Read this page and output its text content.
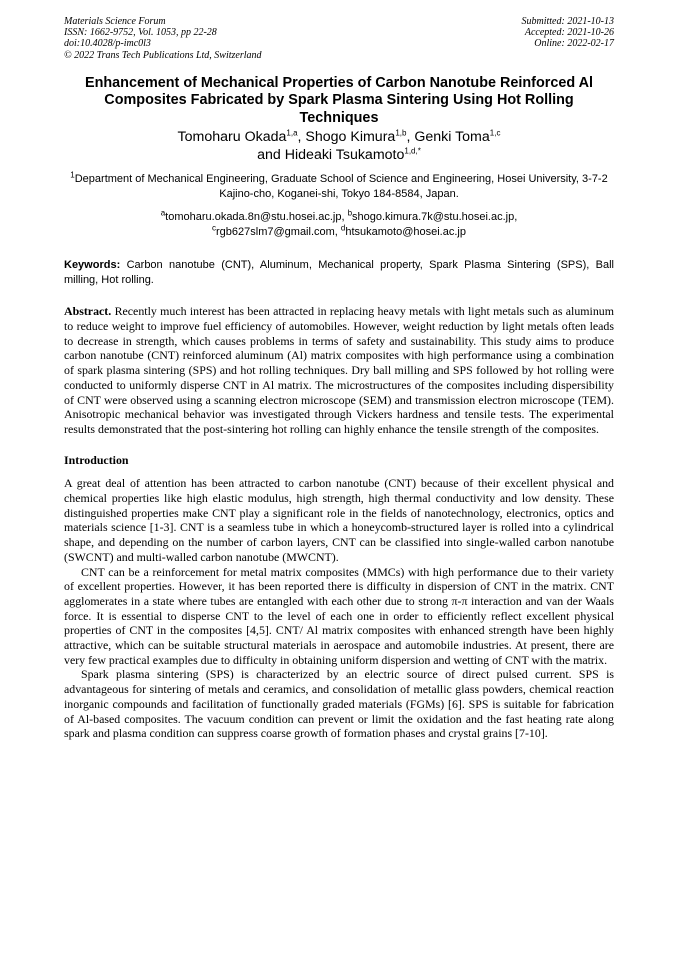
Materials Science Forum
ISSN: 1662-9752, Vol. 1053, pp 22-28
doi:10.4028/p-imc0l3
© 2022 Trans Tech Publications Ltd, Switzerland
Submitted: 2021-10-13
Accepted: 2021-10-26
Online: 2022-02-17
Enhancement of Mechanical Properties of Carbon Nanotube Reinforced Al Composites Fabricated by Spark Plasma Sintering Using Hot Rolling Techniques
Tomoharu Okada$^{1,a}$, Shogo Kimura$^{1,b}$, Genki Toma$^{1,c}$
and Hideaki Tsukamoto$^{1,d,*}$
$^1$Department of Mechanical Engineering, Graduate School of Science and Engineering, Hosei University, 3-7-2 Kajino-cho, Koganei-shi, Tokyo 184-8584, Japan.
$^a$tomoharu.okada.8n@stu.hosei.ac.jp, $^b$shogo.kimura.7k@stu.hosei.ac.jp,
$^c$rgb627slm7@gmail.com, $^d$htsukamoto@hosei.ac.jp
Keywords: Carbon nanotube (CNT), Aluminum, Mechanical property, Spark Plasma Sintering (SPS), Ball milling, Hot rolling.
Abstract. Recently much interest has been attracted in replacing heavy metals with light metals such as aluminum to reduce weight to improve fuel efficiency of automobiles. However, weight reduction by light metals often leads to decrease in strength, which causes problems in terms of safety and sustainability. This study aims to produce carbon nanotube (CNT) reinforced aluminum (Al) matrix composites with high performance using a combination of spark plasma sintering (SPS) and hot rolling techniques. Dry ball milling and SPS followed by hot rolling were conducted to uniformly disperse CNT in Al matrix. The microstructures of the composites including dispersibility of CNT were observed using a scanning electron microscope (SEM) and transmission electron microscope (TEM). Anisotropic mechanical behavior was investigated through Vickers hardness and tensile tests. The experimental results demonstrated that the post-sintering hot rolling can highly enhance the tensile strength of the composites.
Introduction

A great deal of attention has been attracted to carbon nanotube (CNT) because of their excellent physical and chemical properties like high elastic modulus, high strength, high thermal conductivity and low density. These distinguished properties make CNT play a significant role in the fields of nanotechnology, electronics, optics and materials science [1-3]. CNT is a seamless tube in which a honeycomb-structured layer is rolled into a cylindrical shape, and depending on the number of carbon layers, CNT can be classified into single-walled carbon nanotube (SWCNT) and multi-walled carbon nanotube (MWCNT).

CNT can be a reinforcement for metal matrix composites (MMCs) with high performance due to their variety of excellent properties. However, it has been reported there is difficulty in dispersion of CNT in the matrix. CNT agglomerates in a state where tubes are entangled with each other due to strong π-π interaction and van der Waals force. It is essential to disperse CNT to the level of each one in order to efficiently reflect excellent physical properties of CNT in the composites [4,5]. CNT/ Al matrix composites with enhanced strength have been highly attractive, which can be suitable structural materials in aerospace and automobile industries. At present, there are very few practical examples due to difficulty in obtaining uniform dispersion and wetting of CNT with the matrix.

Spark plasma sintering (SPS) is characterized by an electric source of direct pulsed current. SPS is advantageous for sintering of metals and ceramics, and consolidation of metallic glass powders, chemical reaction inorganic compounds and facilitation of functionally graded materials (FGMs) [6]. SPS is suitable for fabrication of Al-based composites. The vacuum condition can prevent or limit the oxidation and the fast heating rate along spark and plasma condition can suppress coarse growth of formation phases and crystal grains [7-10].
